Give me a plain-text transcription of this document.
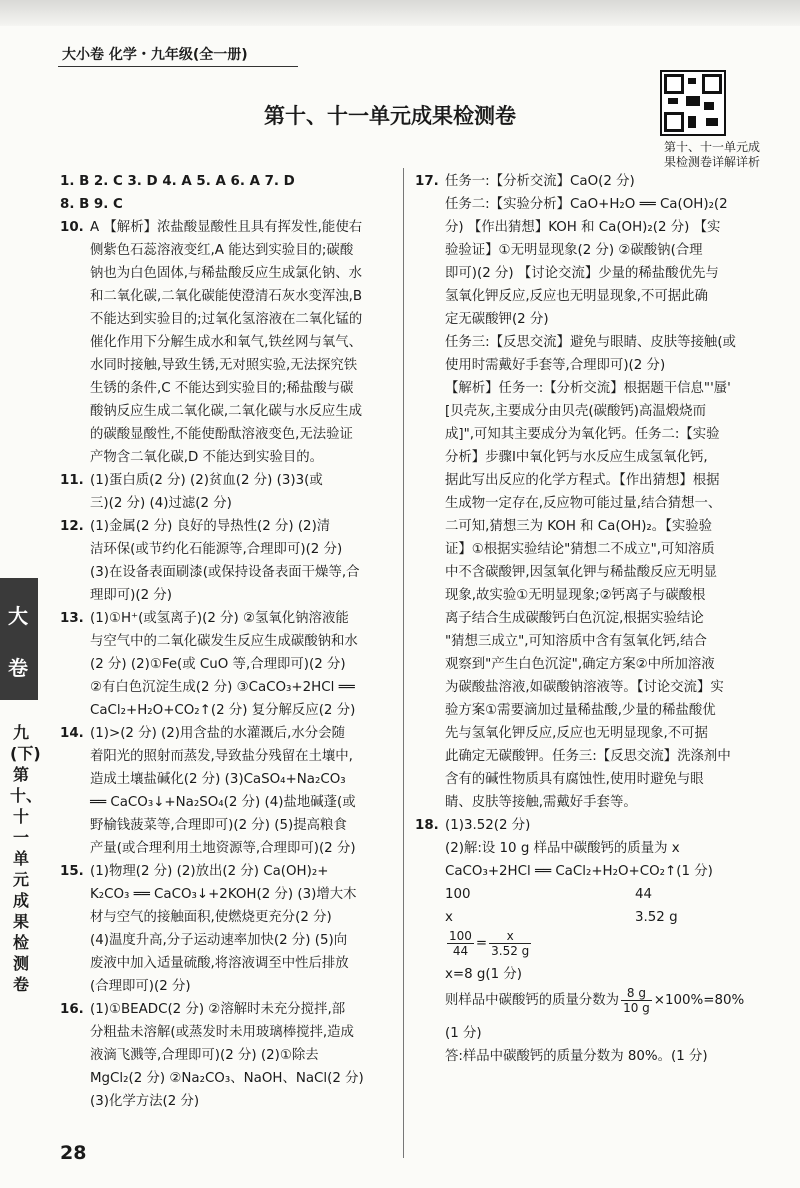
大小卷 化学・九年级(全一册)
第十、十一单元成果检测卷
第十、十一单元成
果检测卷详解详析

1. B 2. C 3. D 4. A 5. A 6. A 7. D

8. B 9. C

10. A 【解析】浓盐酸显酸性且具有挥发性,能使右

侧紫色石蕊溶液变红,A 能达到实验目的;碳酸

钠也为白色固体,与稀盐酸反应生成氯化钠、水

和二氧化碳,二氧化碳能使澄清石灰水变浑浊,B

不能达到实验目的;过氧化氢溶液在二氧化锰的

催化作用下分解生成水和氧气,铁丝网与氧气、

水同时接触,导致生锈,无对照实验,无法探究铁

生锈的条件,C 不能达到实验目的;稀盐酸与碳

酸钠反应生成二氧化碳,二氧化碳与水反应生成

的碳酸显酸性,不能使酚酞溶液变色,无法验证

产物含二氧化碳,D 不能达到实验目的。

11. (1)蛋白质(2 分) (2)贫血(2 分) (3)3(或

三)(2 分) (4)过滤(2 分)

12. (1)金属(2 分) 良好的导热性(2 分) (2)清

洁环保(或节约化石能源等,合理即可)(2 分)

(3)在设备表面刷漆(或保持设备表面干燥等,合

理即可)(2 分)

13. (1)①H⁺(或氢离子)(2 分) ②氢氧化钠溶液能

与空气中的二氧化碳发生反应生成碳酸钠和水

(2 分) (2)①Fe(或 CuO 等,合理即可)(2 分)

②有白色沉淀生成(2 分) ③CaCO₃+2HCl ══

CaCl₂+H₂O+CO₂↑(2 分) 复分解反应(2 分)

14. (1)>(2 分) (2)用含盐的水灌溉后,水分会随

着阳光的照射而蒸发,导致盐分残留在土壤中,

造成土壤盐碱化(2 分) (3)CaSO₄+Na₂CO₃

══ CaCO₃↓+Na₂SO₄(2 分) (4)盐地碱蓬(或

野榆钱菠菜等,合理即可)(2 分) (5)提高粮食

产量(或合理利用土地资源等,合理即可)(2 分)

15. (1)物理(2 分) (2)放出(2 分) Ca(OH)₂+

K₂CO₃ ══ CaCO₃↓+2KOH(2 分) (3)增大木

材与空气的接触面积,使燃烧更充分(2 分)

(4)温度升高,分子运动速率加快(2 分) (5)向

废液中加入适量硫酸,将溶液调至中性后排放

(合理即可)(2 分)

16. (1)①BEADC(2 分) ②溶解时未充分搅拌,部

分粗盐未溶解(或蒸发时未用玻璃棒搅拌,造成

液滴飞溅等,合理即可)(2 分) (2)①除去

MgCl₂(2 分) ②Na₂CO₃、NaOH、NaCl(2 分)

(3)化学方法(2 分)

17. 任务一:【分析交流】CaO(2 分)

任务二:【实验分析】CaO+H₂O ══ Ca(OH)₂(2

分) 【作出猜想】KOH 和 Ca(OH)₂(2 分) 【实

验验证】①无明显现象(2 分) ②碳酸钠(合理

即可)(2 分) 【讨论交流】少量的稀盐酸优先与

氢氧化钾反应,反应也无明显现象,不可据此确

定无碳酸钾(2 分)

任务三:【反思交流】避免与眼睛、皮肤等接触(或

使用时需戴好手套等,合理即可)(2 分)

【解析】任务一:【分析交流】根据题干信息"'蜃'

[贝壳灰,主要成分由贝壳(碳酸钙)高温煅烧而

成]",可知其主要成分为氧化钙。任务二:【实验

分析】步骤Ⅰ中氧化钙与水反应生成氢氧化钙,

据此写出反应的化学方程式。【作出猜想】根据

生成物一定存在,反应物可能过量,结合猜想一、

二可知,猜想三为 KOH 和 Ca(OH)₂。【实验验

证】①根据实验结论"猜想二不成立",可知溶质

中不含碳酸钾,因氢氧化钾与稀盐酸反应无明显

现象,故实验①无明显现象;②钙离子与碳酸根

离子结合生成碳酸钙白色沉淀,根据实验结论

"猜想三成立",可知溶质中含有氢氧化钙,结合

观察到"产生白色沉淀",确定方案②中所加溶液

为碳酸盐溶液,如碳酸钠溶液等。【讨论交流】实

验方案①需要滴加过量稀盐酸,少量的稀盐酸优

先与氢氧化钾反应,反应也无明显现象,不可据

此确定无碳酸钾。任务三:【反思交流】洗涤剂中

含有的碱性物质具有腐蚀性,使用时避免与眼

睛、皮肤等接触,需戴好手套等。

18. (1)3.52(2 分)

(2)解:设 10 g 样品中碳酸钙的质量为 x

CaCO₃+2HCl ══ CaCl₂+H₂O+CO₂↑(1 分)

100	44
x	3.52 g
$\frac{100}{44} = \frac{x}{3.52 g}$

x=8 g(1 分)

则样品中碳酸钙的质量分数为 $\frac{8 g}{10 g} \times 100\%=80\%$

(1 分)

答:样品中碳酸钙的质量分数为 80%。(1 分)

大
卷
九(下) 第十、十一单元成果检测卷
28
